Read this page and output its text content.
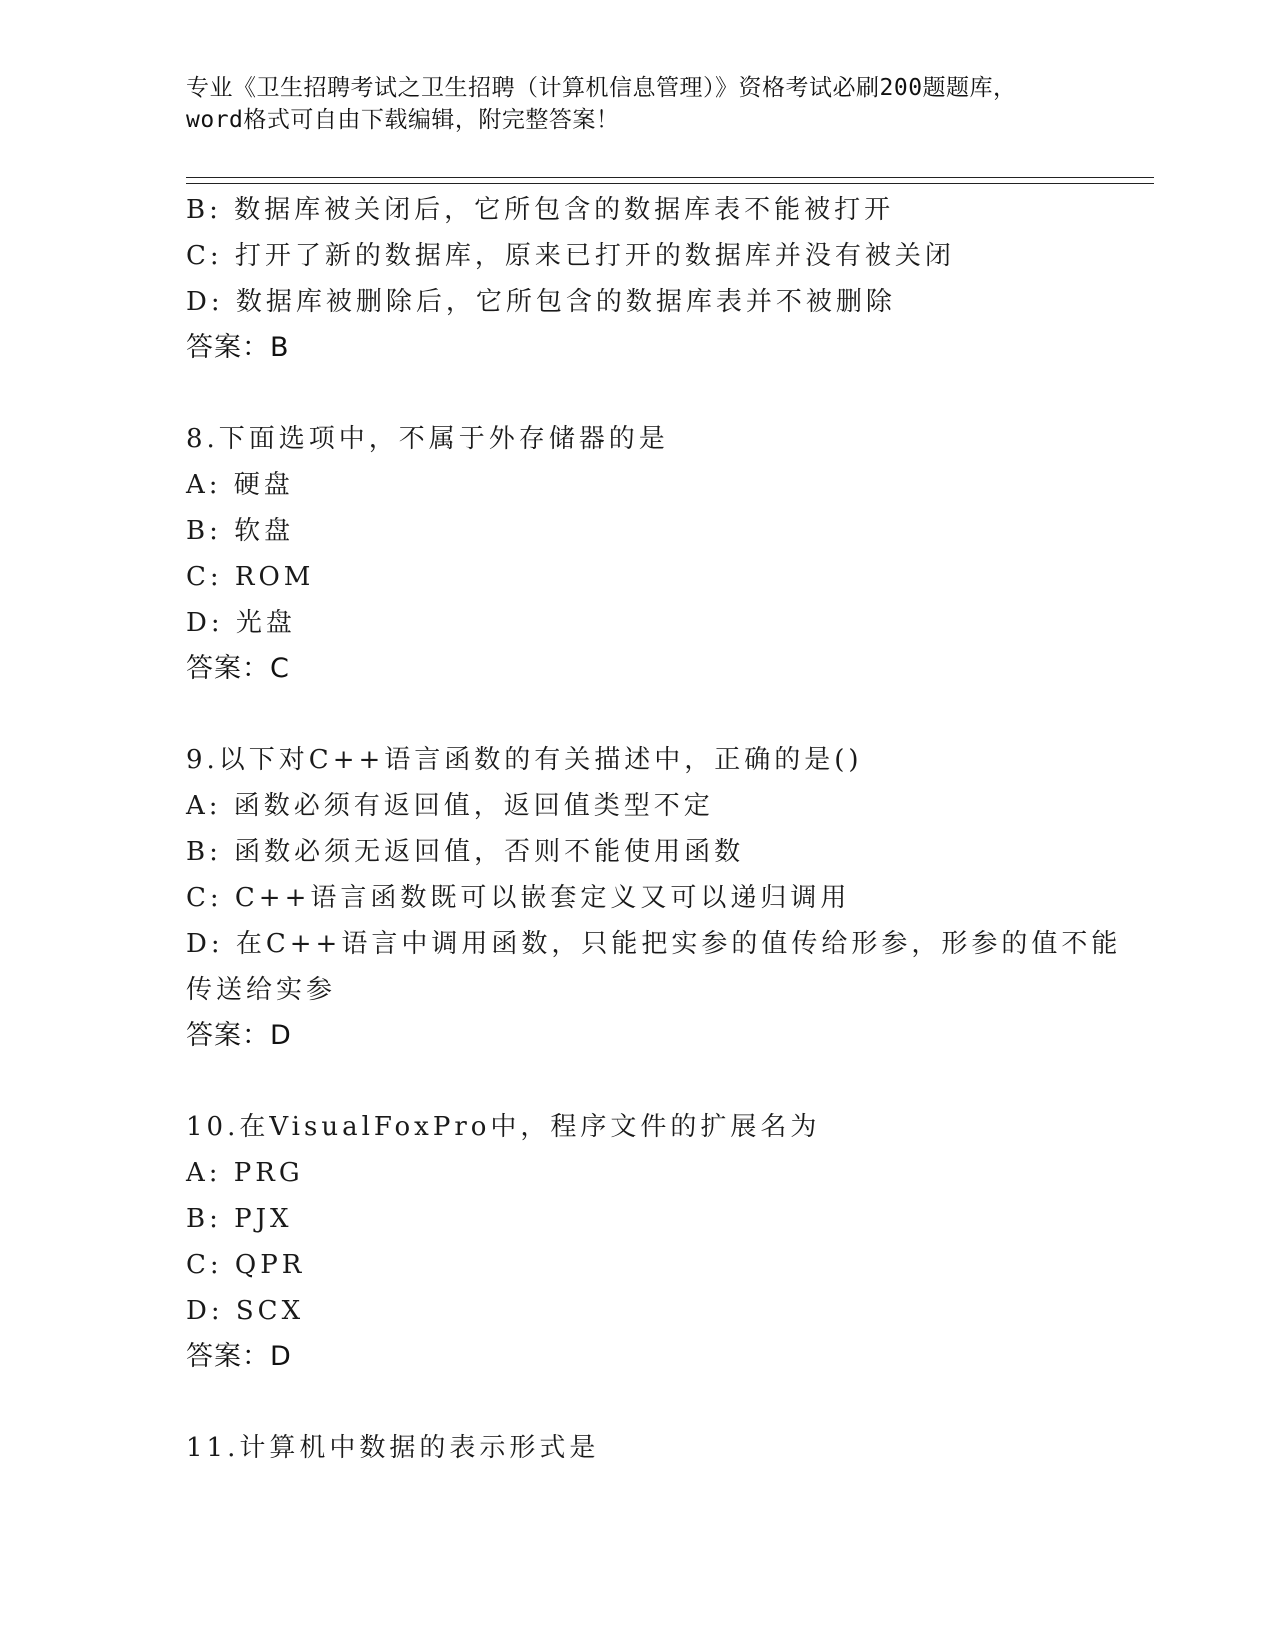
专业《卫生招聘考试之卫生招聘（计算机信息管理）》资格考试必刷200题题库，
word格式可自由下载编辑，附完整答案！
B: 数据库被关闭后，它所包含的数据库表不能被打开
C: 打开了新的数据库，原来已打开的数据库并没有被关闭
D: 数据库被删除后，它所包含的数据库表并不被删除
答案：B
8.下面选项中，不属于外存储器的是
A: 硬盘
B: 软盘
C: ROM
D: 光盘
答案：C
9.以下对C++语言函数的有关描述中，正确的是()
A: 函数必须有返回值，返回值类型不定
B: 函数必须无返回值，否则不能使用函数
C: C++语言函数既可以嵌套定义又可以递归调用
D: 在C++语言中调用函数，只能把实参的值传给形参，形参的值不能
传送给实参
答案：D
10.在VisualFoxPro中，程序文件的扩展名为
A: PRG
B: PJX
C: QPR
D: SCX
答案：D
11.计算机中数据的表示形式是
